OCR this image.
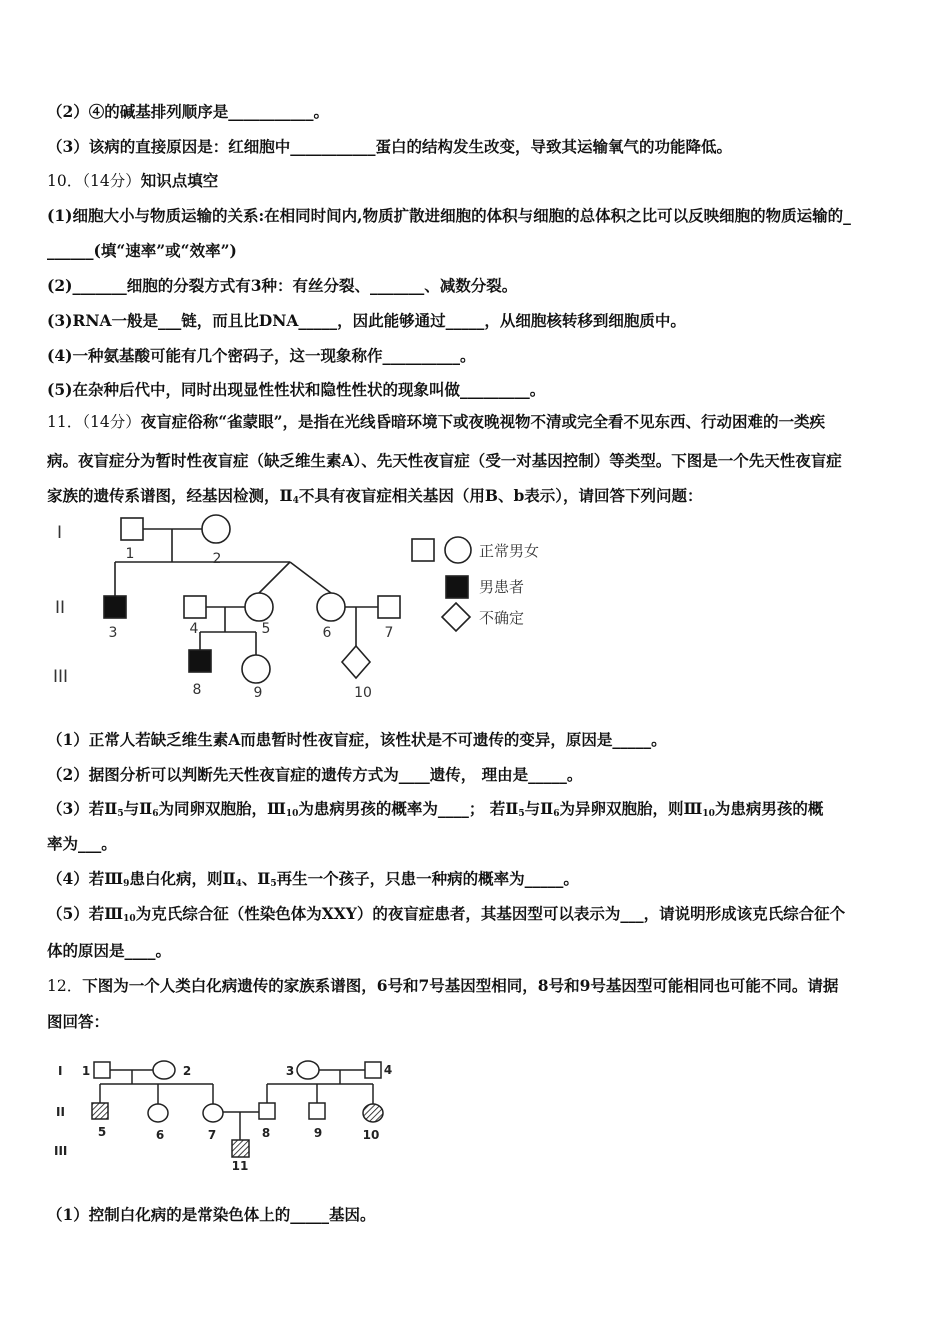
（2）④的碱基排列顺序是___________。
（3）该病的直接原因是：红细胞中___________蛋白的结构发生改变，导致其运输氧气的功能降低。
10．（14分）知识点填空
(1)细胞大小与物质运输的关系:在相同时间内,物质扩散进细胞的体积与细胞的总体积之比可以反映细胞的物质运输的_
______(填“速率”或“效率”)
(2)_______细胞的分裂方式有3种：有丝分裂、_______、减数分裂。
(3)RNA一般是___链，而且比DNA_____，因此能够通过_____，从细胞核转移到细胞质中。
(4)一种氨基酸可能有几个密码子，这一现象称作__________。
(5)在杂种后代中，同时出现显性性状和隐性性状的现象叫做_________。
11．（14分）夜盲症俗称“雀蒙眼”，是指在光线昏暗环境下或夜晚视物不清或完全看不见东西、行动困难的一类疾
病。夜盲症分为暂时性夜盲症（缺乏维生素A）、先天性夜盲症（受一对基因控制）等类型。下图是一个先天性夜盲症
家族的遗传系谱图，经基因检测，$Ⅱ_4$不具有夜盲症相关基因（用B、b表示），请回答下列问题：
I
II
III
1	2
3	4	5	6	7
8	9	10
正常男女
男患者
不确定
（1）正常人若缺乏维生素A而患暂时性夜盲症，该性状是不可遗传的变异，原因是_____。
（2）据图分析可以判断先天性夜盲症的遗传方式为____遗传， 理由是_____。
（3）若$Ⅱ_5$与$Ⅱ_6$为同卵双胞胎，$Ⅲ_{10}$为患病男孩的概率为____； 若$Ⅱ_5$与$Ⅱ_6$为异卵双胞胎，则$Ⅲ_{10}$为患病男孩的概
率为___。
（4）若$Ⅲ_9$患白化病，则$Ⅱ_4$、$Ⅱ_5$再生一个孩子，只患一种病的概率为_____。
（5）若$Ⅲ_{10}$为克氏综合征（性染色体为XXY）的夜盲症患者，其基因型可以表示为___，请说明形成该克氏综合征个
体的原因是____。
12．下图为一个人类白化病遗传的家族系谱图，6号和7号基因型相同，8号和9号基因型可能相同也可能不同。请据
图回答：
I
II
III
1	2	3	4
5	6	7	8	9	10
11
（1）控制白化病的是常染色体上的_____基因。
